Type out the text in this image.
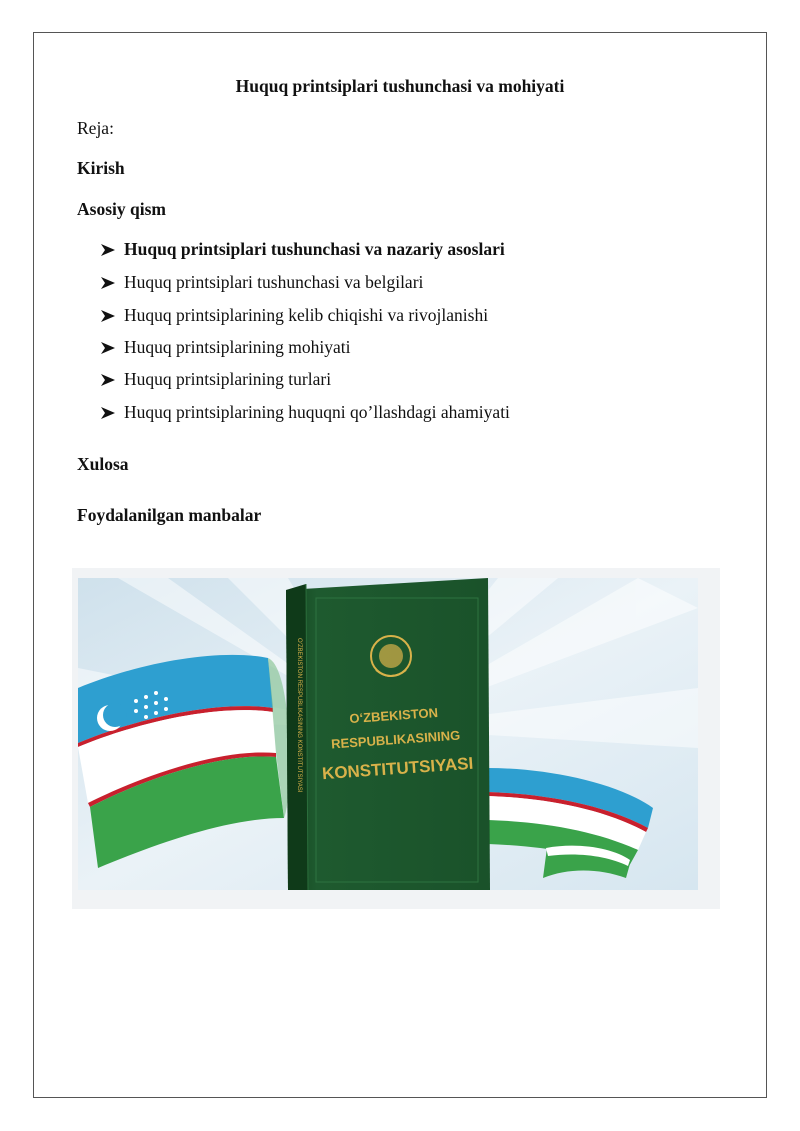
Huquq printsiplari tushunchasi va mohiyati
Reja:
Kirish
Asosiy qism
Huquq printsiplari tushunchasi va nazariy asoslari
Huquq printsiplari tushunchasi va belgilari
Huquq printsiplarining kelib chiqishi va rivojlanishi
Huquq printsiplarining mohiyati
Huquq printsiplarining turlari
Huquq printsiplarining huquqni qo’llashdagi ahamiyati
Xulosa
Foydalanilgan manbalar
O‘ZBEKISTON
RESPUBLIKASINING
KONSTITUTSIYASI
O‘ZBEKISTON RESPUBLIKASINING KONSTITUTSIYASI
